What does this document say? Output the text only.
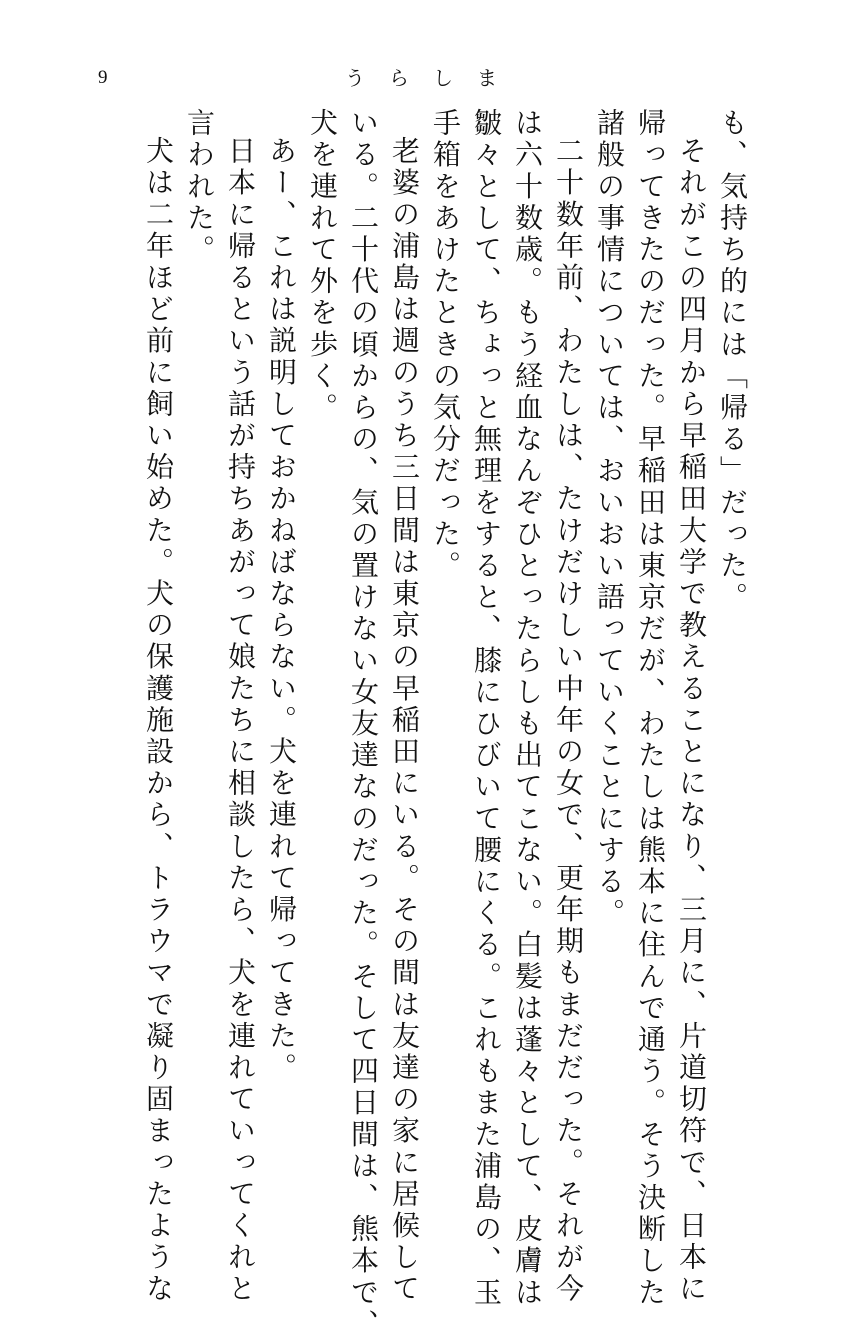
9	うらしま
も、気持ち的には「帰る」だった。
それがこの四月から早稲田大学で教えることになり、三月に、片道切符で、日本に
帰ってきたのだった。早稲田は東京だが、わたしは熊本に住んで通う。そう決断した
諸般の事情については、おいおい語っていくことにする。
二十数年前、わたしは、たけだけしい中年の女で、更年期もまだだった。それが今
は六十数歳。もう経血なんぞひとったらしも出てこない。白髪は蓬々として、皮膚は
皺々として、ちょっと無理をすると、膝にひびいて腰にくる。これもまた浦島の、玉
手箱をあけたときの気分だった。
老婆の浦島は週のうち三日間は東京の早稲田にいる。その間は友達の家に居候して
いる。二十代の頃からの、気の置けない女友達なのだった。そして四日間は、熊本で、
犬を連れて外を歩く。
あー、これは説明しておかねばならない。犬を連れて帰ってきた。
日本に帰るという話が持ちあがって娘たちに相談したら、犬を連れていってくれと
言われた。
犬は二年ほど前に飼い始めた。犬の保護施設から、トラウマで凝り固まったような
